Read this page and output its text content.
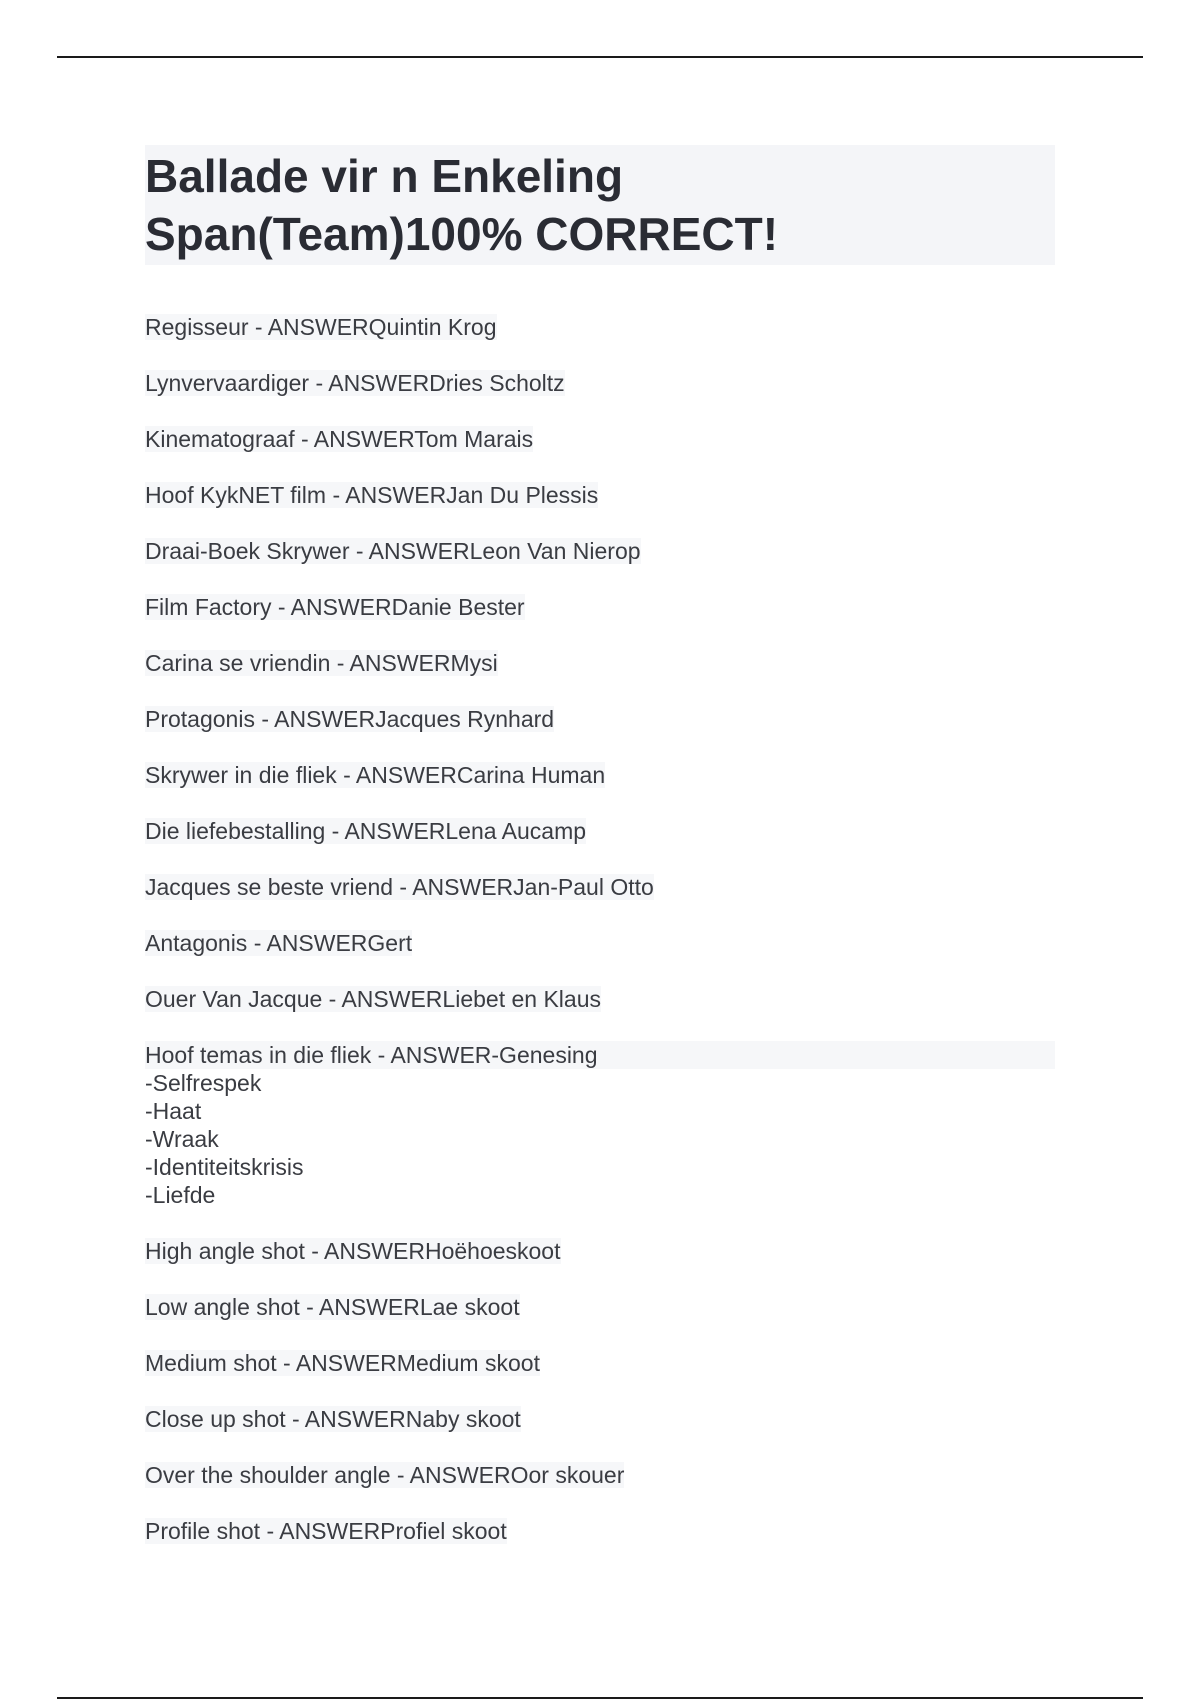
Ballade vir n Enkeling
Span(Team)100% CORRECT!
Regisseur - ANSWERQuintin Krog
Lynvervaardiger - ANSWERDries Scholtz
Kinematograaf - ANSWERTom Marais
Hoof KykNET film - ANSWERJan Du Plessis
Draai-Boek Skrywer - ANSWERLeon Van Nierop
Film Factory - ANSWERDanie Bester
Carina se vriendin - ANSWERMysi
Protagonis - ANSWERJacques Rynhard
Skrywer in die fliek - ANSWERCarina Human
Die liefebestalling - ANSWERLena Aucamp
Jacques se beste vriend - ANSWERJan-Paul Otto
Antagonis - ANSWERGert
Ouer Van Jacque - ANSWERLiebet en Klaus
Hoof temas in die fliek - ANSWER-Genesing
-Selfrespek
-Haat
-Wraak
-Identiteitskrisis
-Liefde
High angle shot - ANSWERHoëhoeskoot
Low angle shot - ANSWERLae skoot
Medium shot - ANSWERMedium skoot
Close up shot - ANSWERNaby skoot
Over the shoulder angle - ANSWEROor skouer
Profile shot - ANSWERProfiel skoot
